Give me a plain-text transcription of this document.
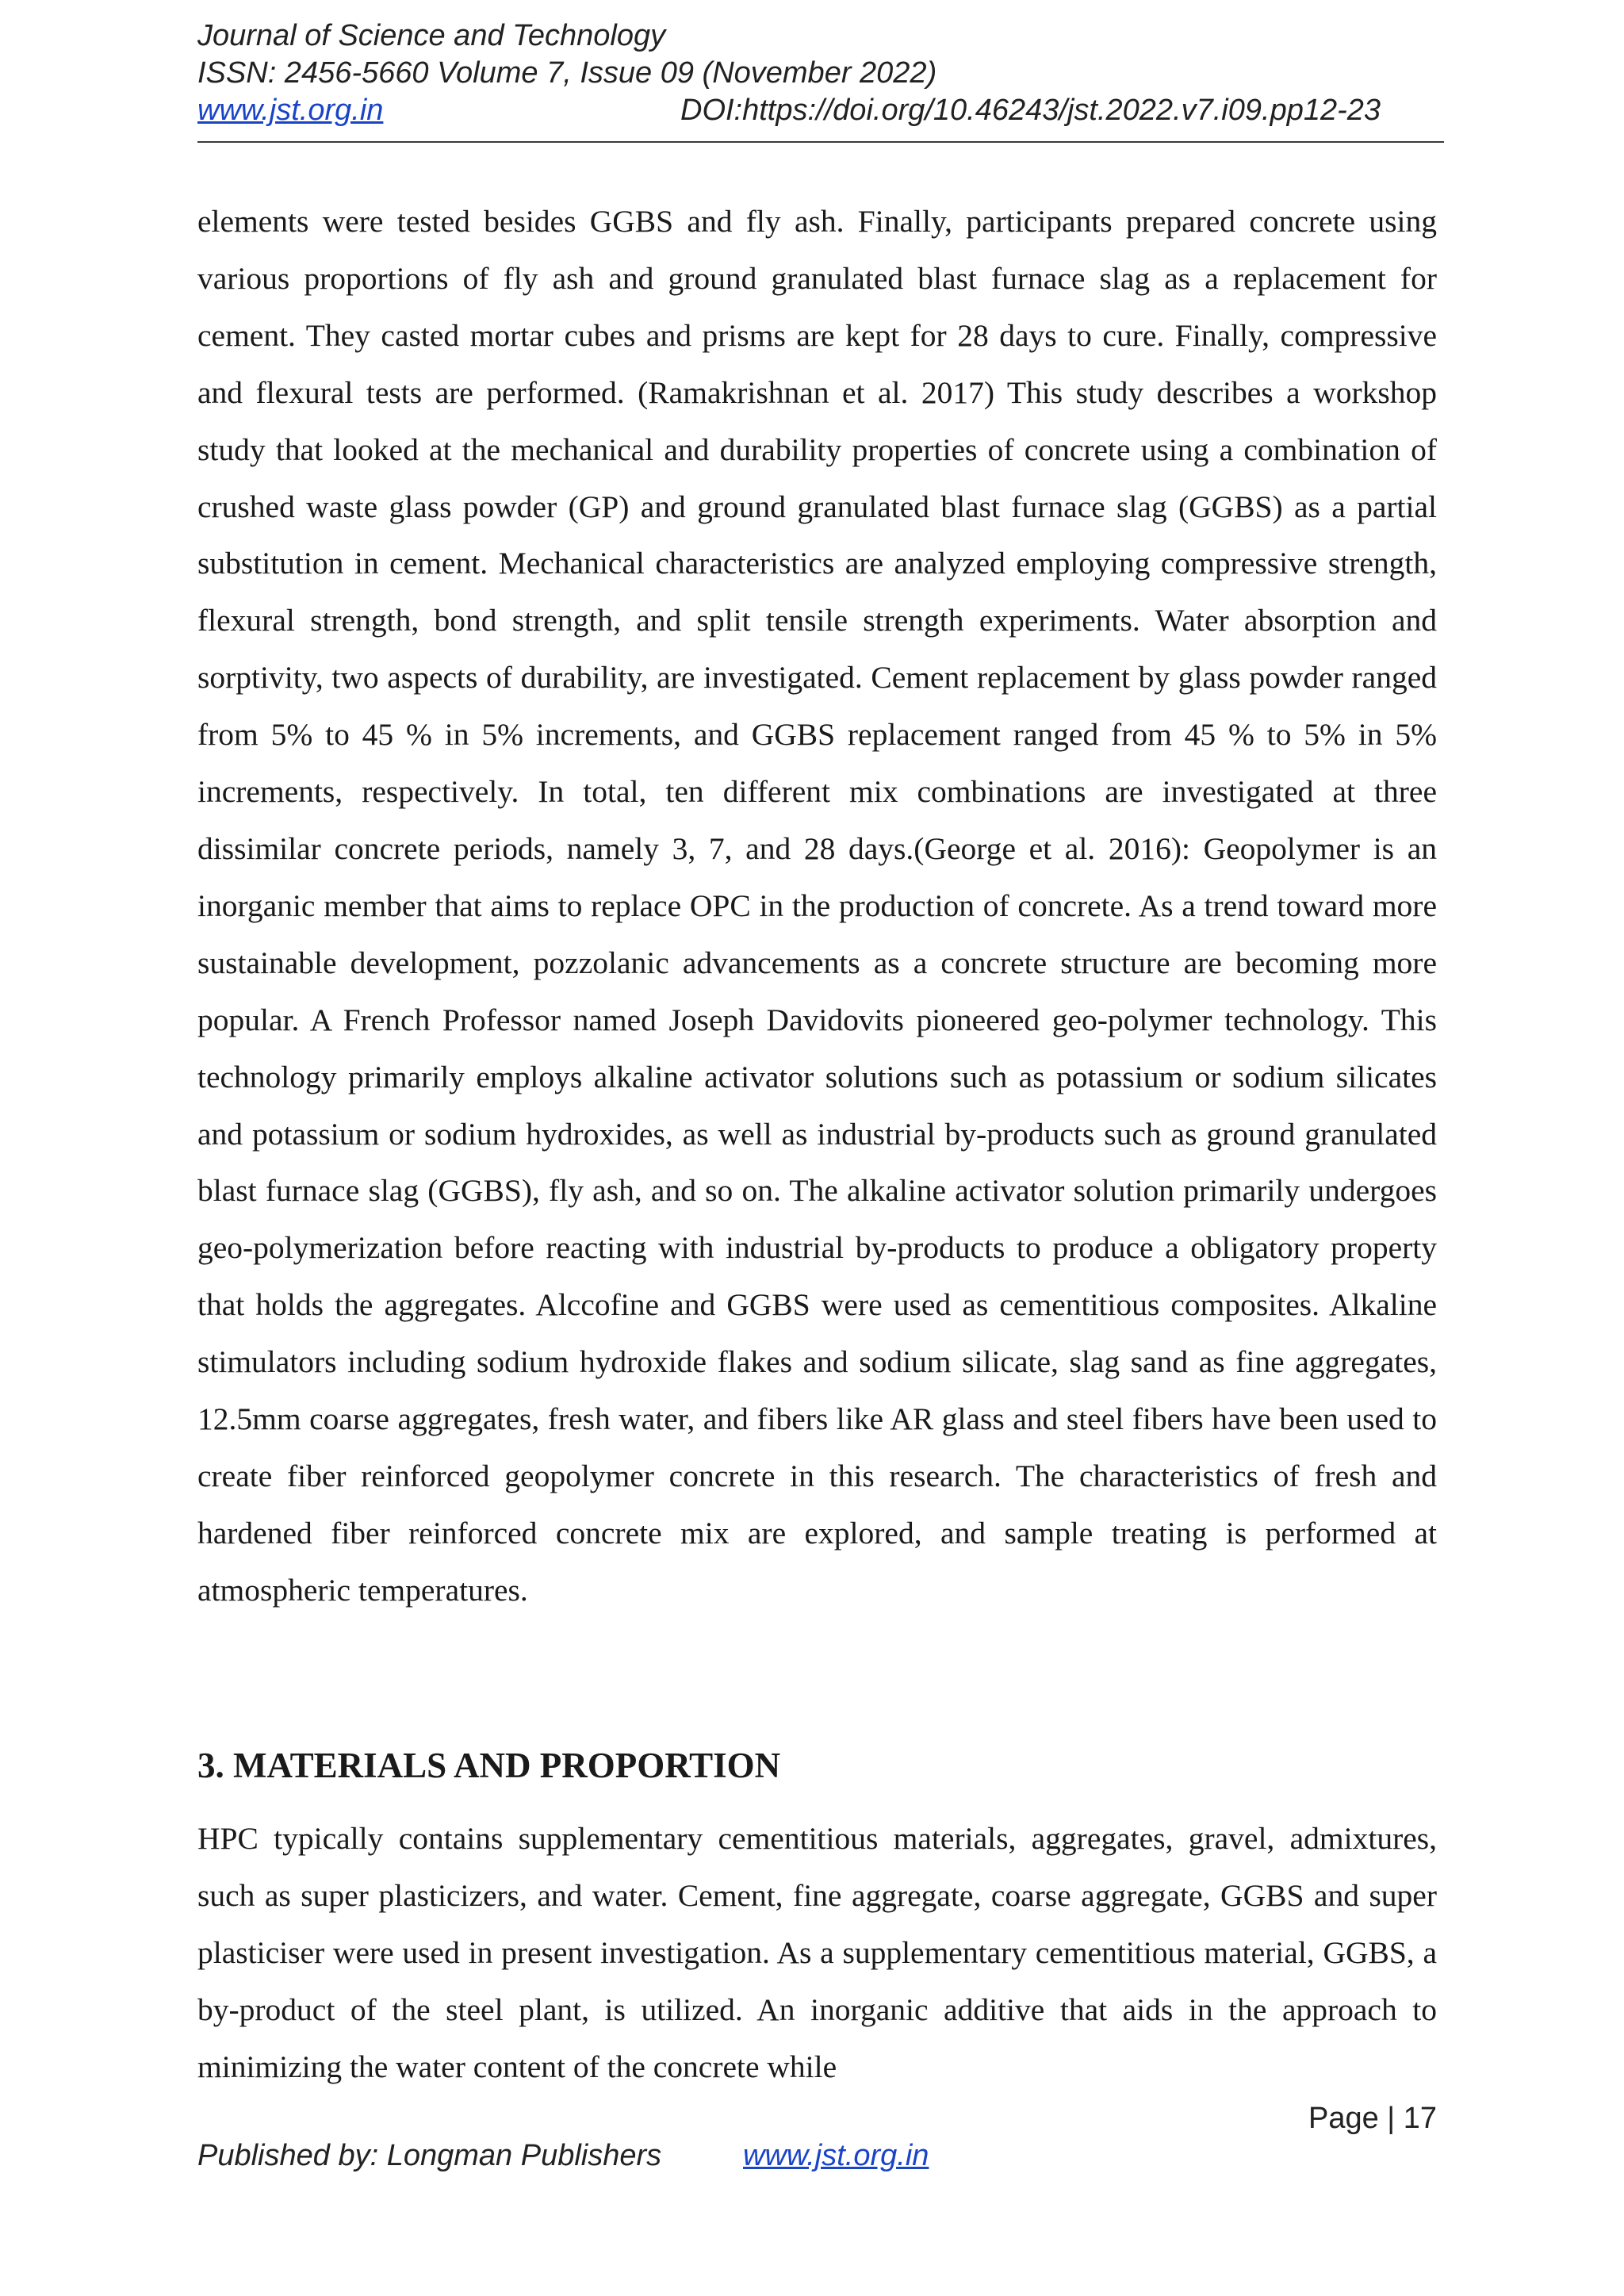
Journal of Science and Technology
ISSN: 2456-5660 Volume 7, Issue 09 (November 2022)
www.jst.org.in	DOI:https://doi.org/10.46243/jst.2022.v7.i09.pp12-23

elements were tested besides GGBS and fly ash. Finally, participants prepared concrete using various proportions of fly ash and ground granulated blast furnace slag as a replacement for cement. They casted mortar cubes and prisms are kept for 28 days to cure. Finally, compressive and flexural tests are performed. (Ramakrishnan et al. 2017) This study describes a workshop study that looked at the mechanical and durability properties of concrete using a combination of crushed waste glass powder (GP) and ground granulated blast furnace slag (GGBS) as a partial substitution in cement. Mechanical characteristics are analyzed employing compressive strength, flexural strength, bond strength, and split tensile strength experiments. Water absorption and sorptivity, two aspects of durability, are investigated. Cement replacement by glass powder ranged from 5% to 45 % in 5% increments, and GGBS replacement ranged from 45 % to 5% in 5% increments, respectively. In total, ten different mix combinations are investigated at three dissimilar concrete periods, namely 3, 7, and 28 days.(George et al. 2016): Geopolymer is an inorganic member that aims to replace OPC in the production of concrete. As a trend toward more sustainable development, pozzolanic advancements as a concrete structure are becoming more popular. A French Professor named Joseph Davidovits pioneered geo-polymer technology. This technology primarily employs alkaline activator solutions such as potassium or sodium silicates and potassium or sodium hydroxides, as well as industrial by-products such as ground granulated blast furnace slag (GGBS), fly ash, and so on. The alkaline activator solution primarily undergoes geo-polymerization before reacting with industrial by-products to produce a obligatory property that holds the aggregates. Alccofine and GGBS were used as cementitious composites. Alkaline stimulators including sodium hydroxide flakes and sodium silicate, slag sand as fine aggregates, 12.5mm coarse aggregates, fresh water, and fibers like AR glass and steel fibers have been used to create fiber reinforced geopolymer concrete in this research. The characteristics of fresh and hardened fiber reinforced concrete mix are explored, and sample treating is performed at atmospheric temperatures.

3. MATERIALS AND PROPORTION

HPC typically contains supplementary cementitious materials, aggregates, gravel, admixtures, such as super plasticizers, and water. Cement, fine aggregate, coarse aggregate, GGBS and super plasticiser were used in present investigation. As a supplementary cementitious material, GGBS, a by-product of the steel plant, is utilized. An inorganic additive that aids in the approach to minimizing the water content of the concrete while

Page | 17
Published by: Longman Publishers	www.jst.org.in
